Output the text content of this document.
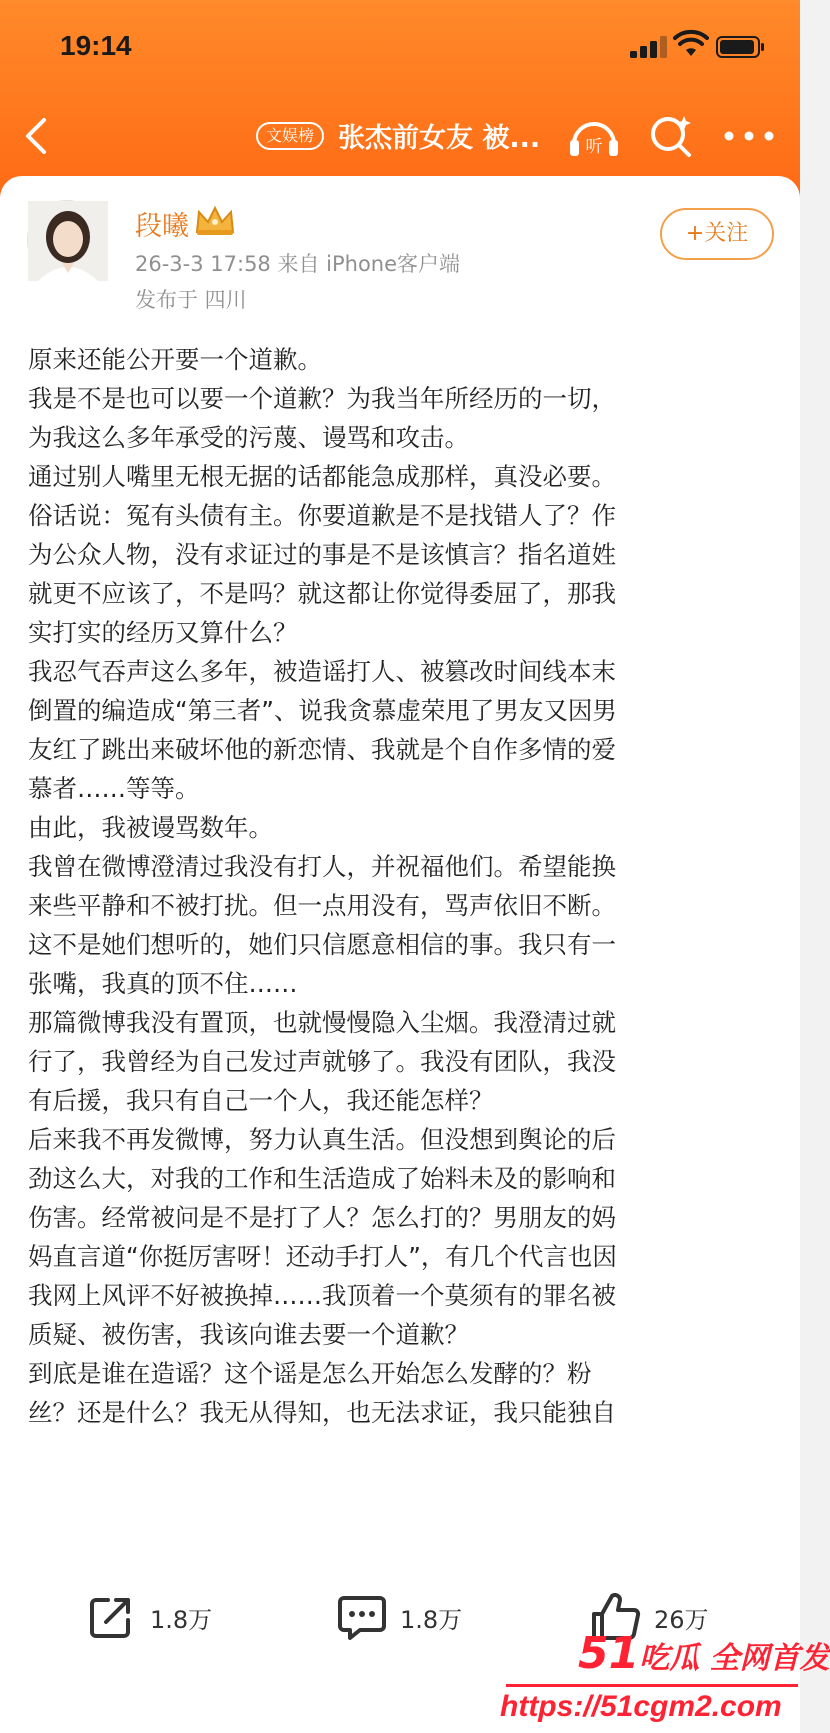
19:14
文娱榜 张杰前女友 被...	听
段曦
26-3-3 17:58 来自 iPhone客户端
发布于 四川
+关注

原来还能公开要一个道歉。

我是不是也可以要一个道歉？为我当年所经历的一切，

为我这么多年承受的污蔑、谩骂和攻击。

通过别人嘴里无根无据的话都能急成那样，真没必要。

俗话说：冤有头债有主。你要道歉是不是找错人了？作

为公众人物，没有求证过的事是不是该慎言？指名道姓

就更不应该了，不是吗？就这都让你觉得委屈了，那我

实打实的经历又算什么？

我忍气吞声这么多年，被造谣打人、被篡改时间线本末

倒置的编造成“第三者”、说我贪慕虚荣甩了男友又因男

友红了跳出来破坏他的新恋情、我就是个自作多情的爱

慕者……等等。

由此，我被谩骂数年。

我曾在微博澄清过我没有打人，并祝福他们。希望能换

来些平静和不被打扰。但一点用没有，骂声依旧不断。

这不是她们想听的，她们只信愿意相信的事。我只有一

张嘴，我真的顶不住……

那篇微博我没有置顶，也就慢慢隐入尘烟。我澄清过就

行了，我曾经为自己发过声就够了。我没有团队，我没

有后援，我只有自己一个人，我还能怎样？

后来我不再发微博，努力认真生活。但没想到舆论的后

劲这么大，对我的工作和生活造成了始料未及的影响和

伤害。经常被问是不是打了人？怎么打的？男朋友的妈

妈直言道“你挺厉害呀！还动手打人”，有几个代言也因

我网上风评不好被换掉……我顶着一个莫须有的罪名被

质疑、被伤害，我该向谁去要一个道歉？

到底是谁在造谣？这个谣是怎么开始怎么发酵的？粉

丝？还是什么？我无从得知，也无法求证，我只能独自

1.8万	1.8万	26万
51吃瓜 全网首发
https://51cgm2.com
